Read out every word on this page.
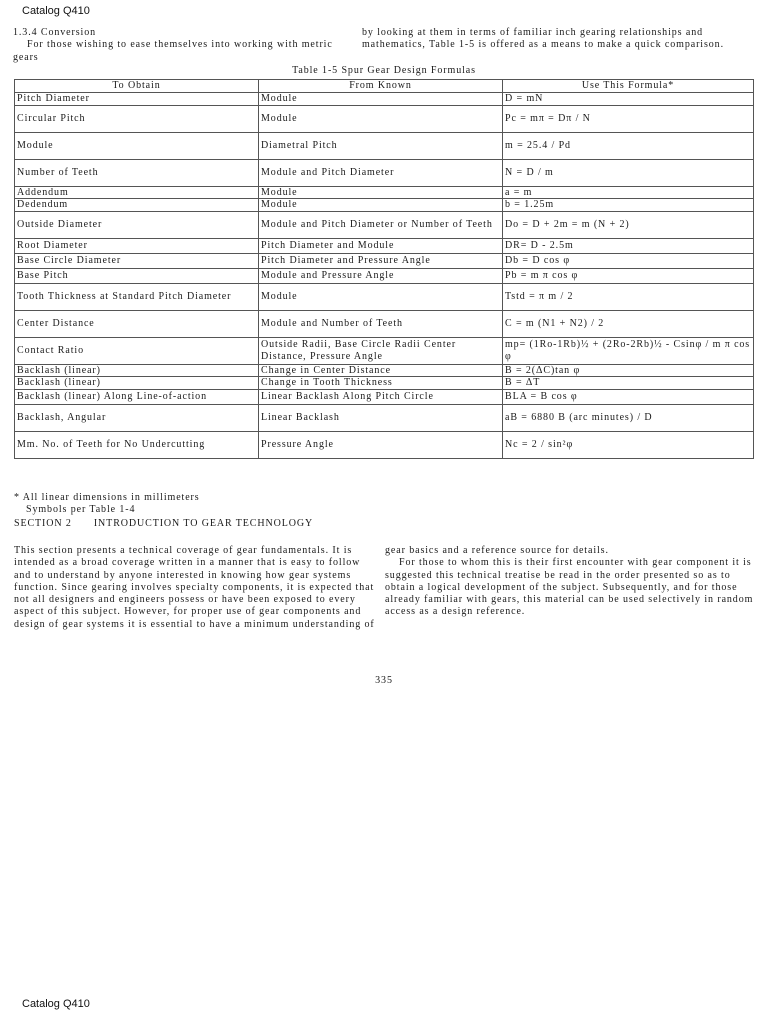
Catalog Q410

1.3.4 Conversion

For those wishing to ease themselves into working with metric gears

by looking at them in terms of familiar inch gearing relationships and mathematics, Table 1-5 is offered as a means to make a quick comparison.

Table 1-5 Spur Gear Design Formulas
To Obtain	From Known	Use This Formula*
Pitch Diameter	Module	D = mN
Circular Pitch	Module	Pc = mπ = Dπ / N
Module	Diametral Pitch	m = 25.4 / Pd
Number of Teeth	Module and Pitch Diameter	N = D / m
Addendum	Module	a = m
Dedendum	Module	b = 1.25m
Outside Diameter	Module and Pitch Diameter or Number of Teeth	Do = D + 2m = m (N + 2)
Root Diameter	Pitch Diameter and Module	DR= D - 2.5m
Base Circle Diameter	Pitch Diameter and Pressure Angle	Db = D cos φ
Base Pitch	Module and Pressure Angle	Pb = m π cos φ
Tooth Thickness at Standard Pitch Diameter	Module	Tstd = π m / 2
Center Distance	Module and Number of Teeth	C = m (N1 + N2) / 2
Contact Ratio	Outside Radii, Base Circle Radii Center Distance, Pressure Angle	mp= (1Ro-1Rb)½ + (2Ro-2Rb)½ - Csinφ / m π cos φ
Backlash (linear)	Change in Center Distance	B = 2(ΔC)tan φ
Backlash (linear)	Change in Tooth Thickness	B = ΔT
Backlash (linear) Along Line-of-action	Linear Backlash Along Pitch Circle	BLA = B cos φ
Backlash, Angular	Linear Backlash	aB = 6880 B (arc minutes) / D
Mm. No. of Teeth for No Undercutting	Pressure Angle	Nc = 2 / sin²φ

* All linear dimensions in millimeters

Symbols per Table 1-4

SECTION 2 INTRODUCTION TO GEAR TECHNOLOGY

This section presents a technical coverage of gear fundamentals. It is intended as a broad coverage written in a manner that is easy to follow and to understand by anyone interested in knowing how gear systems function. Since gearing involves specialty components, it is expected that not all designers and engineers possess or have been exposed to every aspect of this subject. However, for proper use of gear components and design of gear systems it is essential to have a minimum understanding of

gear basics and a reference source for details.

For those to whom this is their first encounter with gear component it is suggested this technical treatise be read in the order presented so as to obtain a logical development of the subject. Subsequently, and for those already familiar with gears, this material can be used selectively in random access as a design reference.

335
Catalog Q410
